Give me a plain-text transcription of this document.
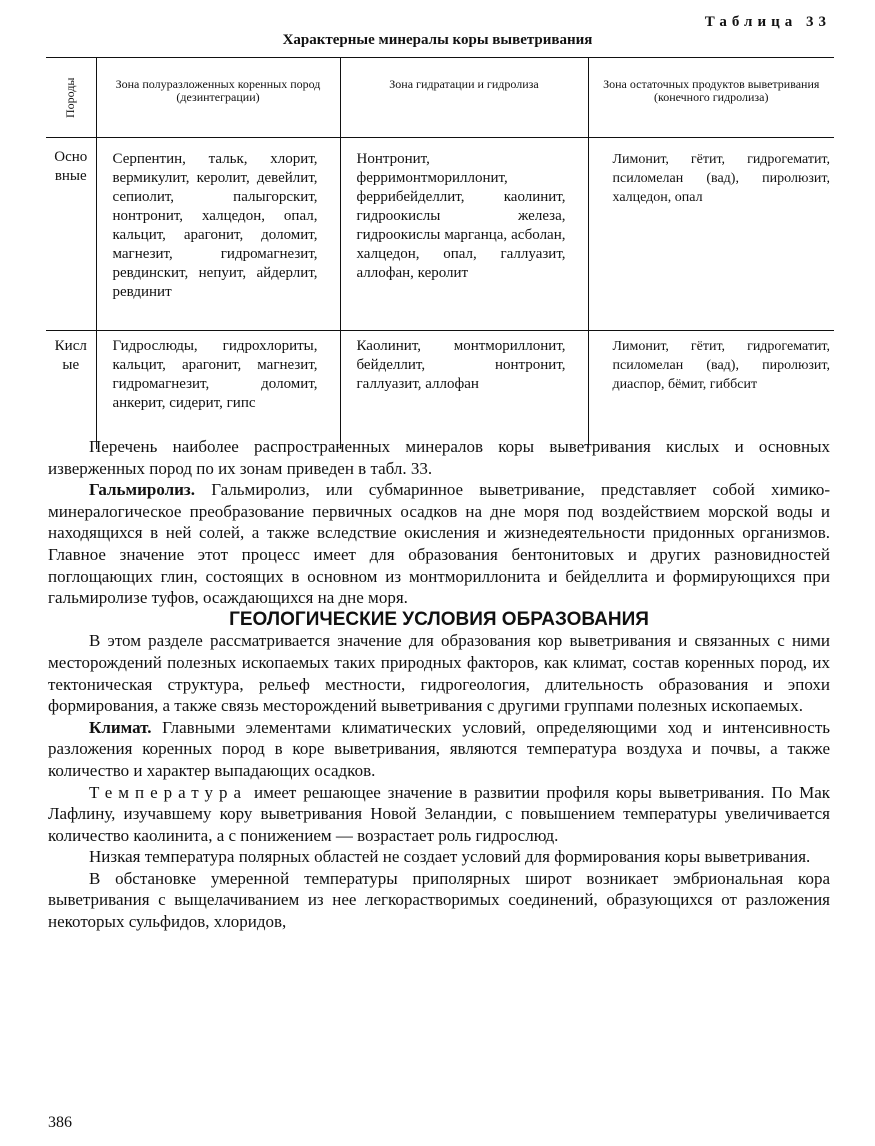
Таблица 33
Характерные минералы коры выветривания

Породы	Зона полуразложенных коренных пород (дезинтеграции)	Зона гидратации и гидролиза	Зона остаточных продуктов выветривания (конечного гидролиза)
Основные	Серпентин, тальк, хлорит, вермикулит, керолит, девейлит, сепиолит, палыгорскит, нонтронит, халцедон, опал, кальцит, арагонит, доломит, магнезит, гидромагнезит, ревдинскит, непуит, айдерлит, ревдинит	Нонтронит, ферримонтмориллонит, феррибейделлит, каолинит, гидроокислы железа, гидроокислы марганца, асболан, халцедон, опал, галлуазит, аллофан, керолит	Лимонит, гётит, гидрогематит, псиломелан (вад), пиролюзит, халцедон, опал
Кислые	Гидрослюды, гидрохлориты, кальцит, арагонит, магнезит, гидромагнезит, доломит, анкерит, сидерит, гипс	Каолинит, монтмориллонит, бейделлит, нонтронит, галлуазит, аллофан	Лимонит, гётит, гидрогематит, псиломелан (вад), пиролюзит, диаспор, бёмит, гиббсит

Перечень наиболее распространенных минералов коры выветривания кислых и основных изверженных пород по их зонам приведен в табл. 33.

Гальмиролиз. Гальмиролиз, или субмаринное выветривание, представляет собой химико-минералогическое преобразование первичных осадков на дне моря под воздействием морской воды и находящихся в ней солей, а также вследствие окисления и жизнедеятельности придонных организмов. Главное значение этот процесс имеет для образования бентонитовых и других разновидностей поглощающих глин, состоящих в основном из монтмориллонита и бейделлита и формирующихся при гальмиролизе туфов, осаждающихся на дне моря.

ГЕОЛОГИЧЕСКИЕ УСЛОВИЯ ОБРАЗОВАНИЯ

В этом разделе рассматривается значение для образования кор выветривания и связанных с ними месторождений полезных ископаемых таких природных факторов, как климат, состав коренных пород, их тектоническая структура, рельеф местности, гидрогеология, длительность образования и эпохи формирования, а также связь месторождений выветривания с другими группами полезных ископаемых.

Климат. Главными элементами климатических условий, определяющими ход и интенсивность разложения коренных пород в коре выветривания, являются температура воздуха и почвы, а также количество и характер выпадающих осадков.

Температура имеет решающее значение в развитии профиля коры выветривания. По Мак Лафлину, изучавшему кору выветривания Новой Зеландии, с повышением температуры увеличивается количество каолинита, а с понижением — возрастает роль гидрослюд.

Низкая температура полярных областей не создает условий для формирования коры выветривания.

В обстановке умеренной температуры приполярных широт возникает эмбриональная кора выветривания с выщелачиванием из нее легкорастворимых соединений, образующихся от разложения некоторых сульфидов, хлоридов,

386
